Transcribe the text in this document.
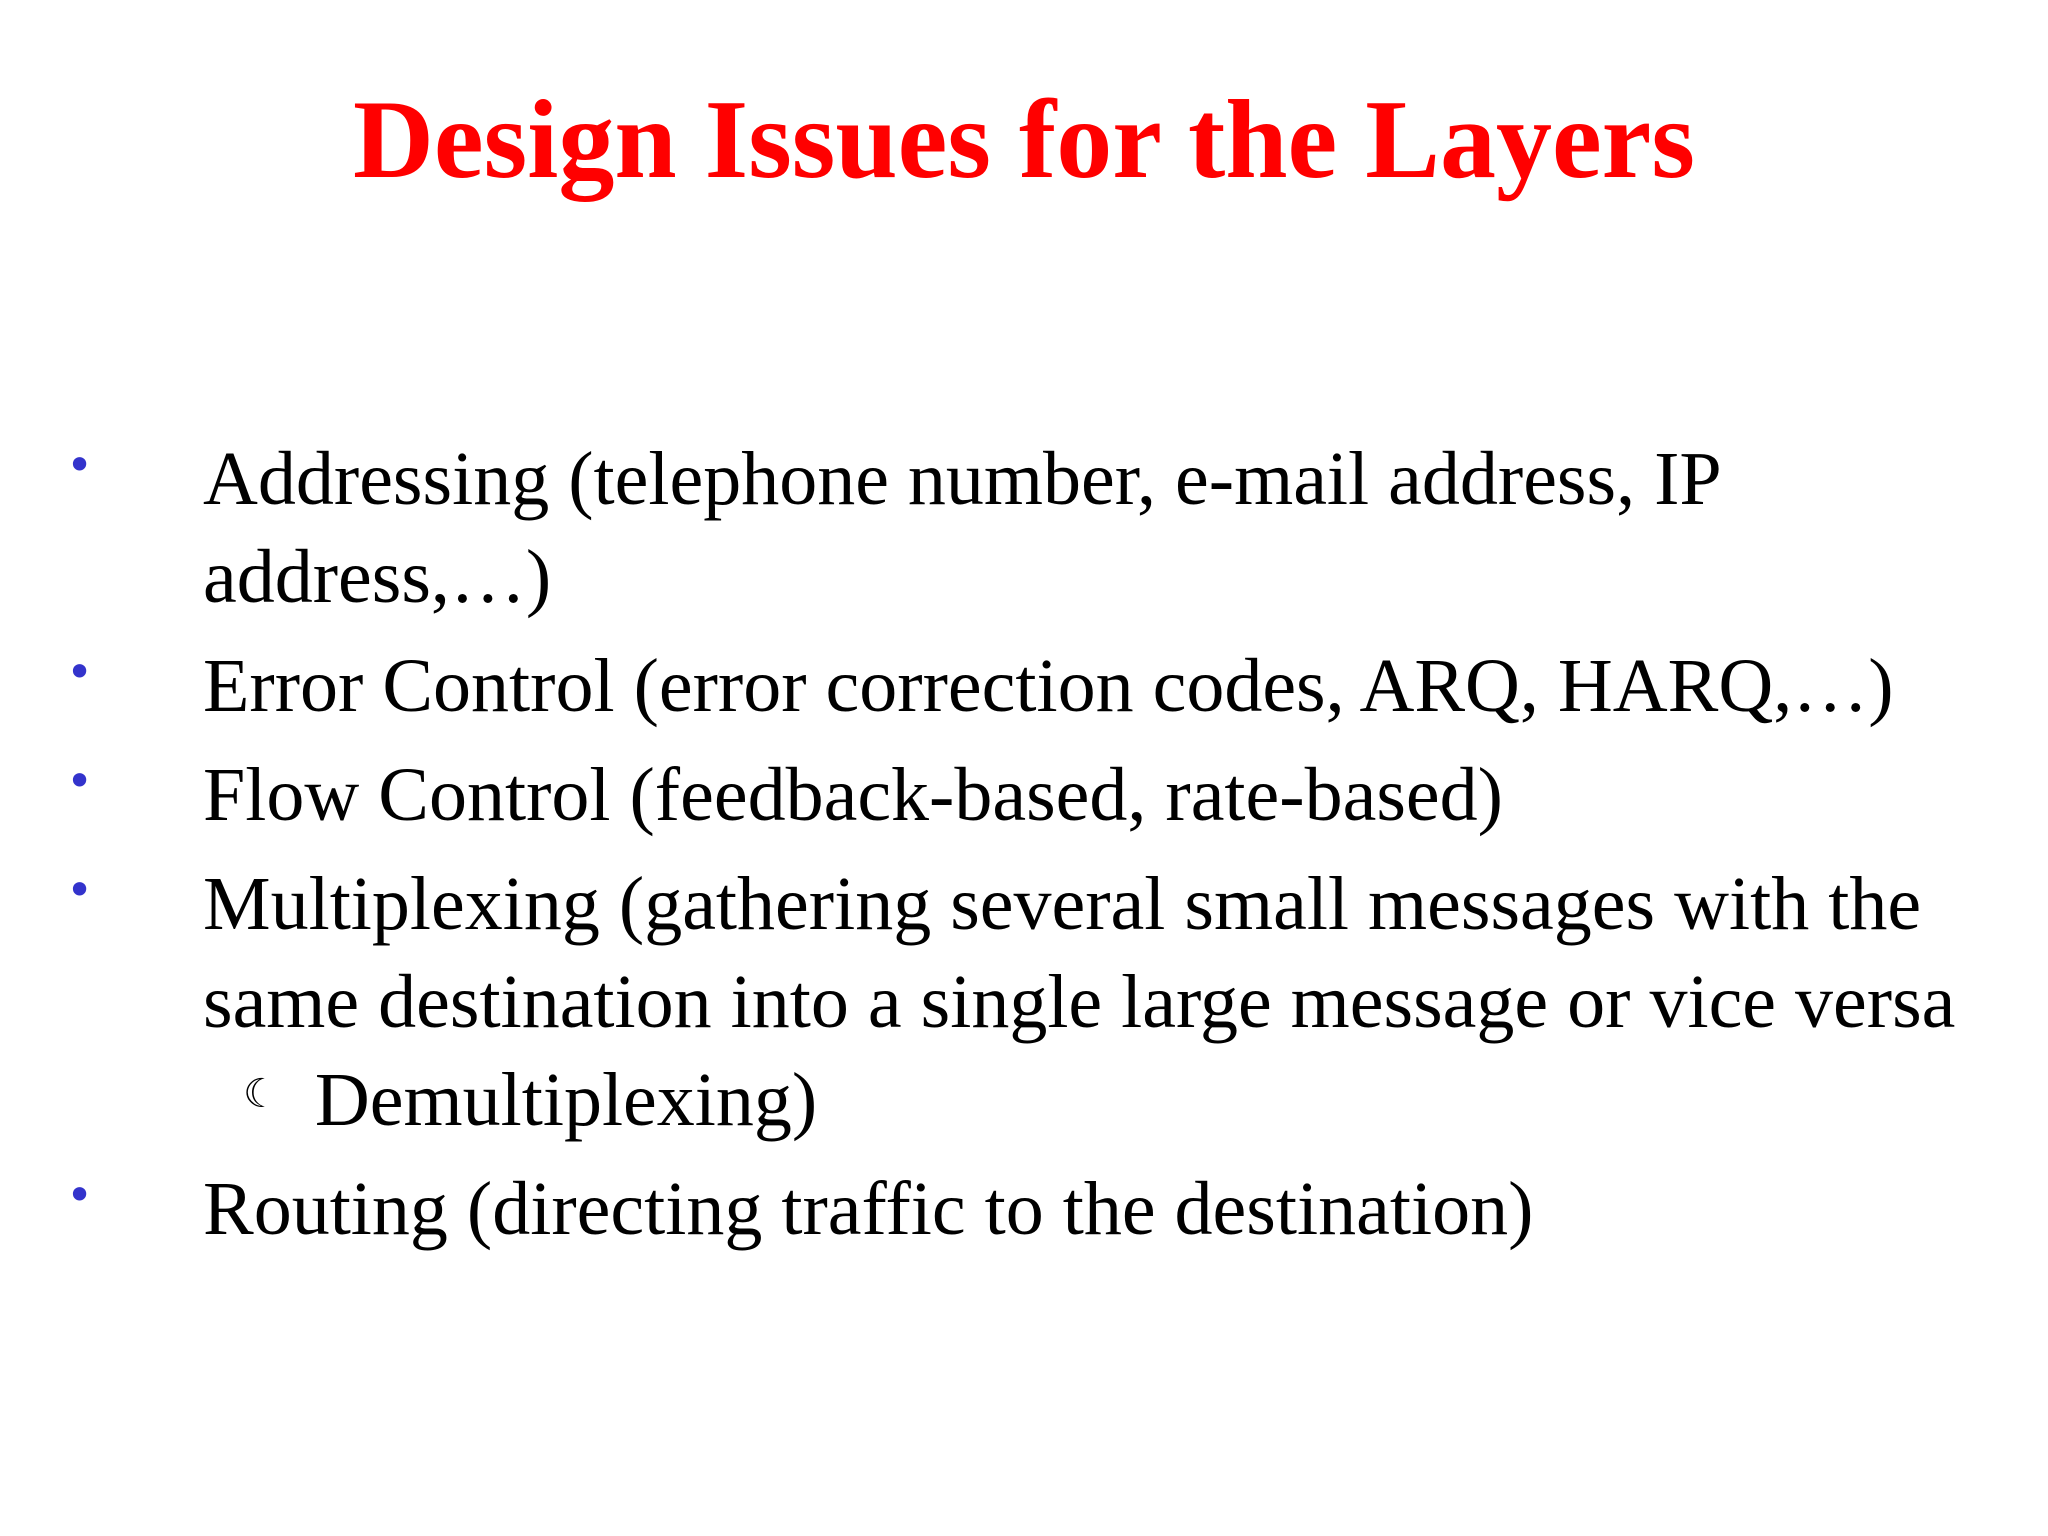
Design Issues for the Layers
• Addressing (telephone number, e-mail address, IP address,…)
• Error Control (error correction codes, ARQ, HARQ,…)
• Flow Control (feedback-based, rate-based)
• Multiplexing (gathering several small messages with the same destination into a single large message or vice versa☾ Demultiplexing)
• Routing (directing traffic to the destination)
